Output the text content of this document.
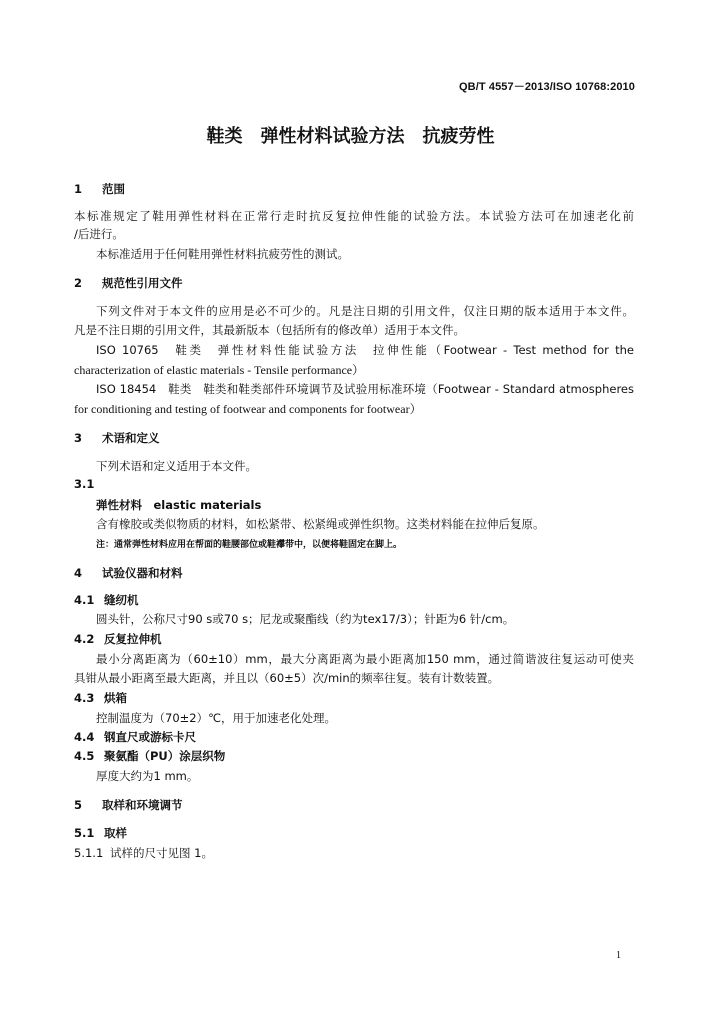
QB/T 4557－2013/ISO 10768:2010
鞋类　弹性材料试验方法　抗疲劳性
1 范围
本标准规定了鞋用弹性材料在正常行走时抗反复拉伸性能的试验方法。本试验方法可在加速老化前
/后进行。
本标准适用于任何鞋用弹性材料抗疲劳性的测试。
2 规范性引用文件
下列文件对于本文件的应用是必不可少的。凡是注日期的引用文件，仅注日期的版本适用于本文件。
凡是不注日期的引用文件，其最新版本（包括所有的修改单）适用于本文件。
ISO 10765　鞋类　弹性材料性能试验方法　拉伸性能（Footwear - Test method for the
characterization of elastic materials - Tensile performance）
ISO 18454　鞋类　鞋类和鞋类部件环境调节及试验用标准环境（Footwear - Standard atmospheres
for conditioning and testing of footwear and components for footwear）
3 术语和定义
下列术语和定义适用于本文件。
3.1
弹性材料　elastic materials
含有橡胶或类似物质的材料，如松紧带、松紧绳或弹性织物。这类材料能在拉伸后复原。
注：通常弹性材料应用在帮面的鞋腰部位或鞋襻带中，以便将鞋固定在脚上。
4 试验仪器和材料
4.1 缝纫机
圆头针，公称尺寸90 s或70 s；尼龙或聚酯线（约为tex17/3）；针距为6 针/cm。
4.2 反复拉伸机
最小分离距离为（60±10）mm，最大分离距离为最小距离加150 mm，通过简谐波往复运动可使夹
具钳从最小距离至最大距离，并且以（60±5）次/min的频率往复。装有计数装置。
4.3 烘箱
控制温度为（70±2）℃，用于加速老化处理。
4.4 钢直尺或游标卡尺
4.5 聚氨酯（PU）涂层织物
厚度大约为1 mm。
5 取样和环境调节
5.1 取样
5.1.1 试样的尺寸见图 1。
1
